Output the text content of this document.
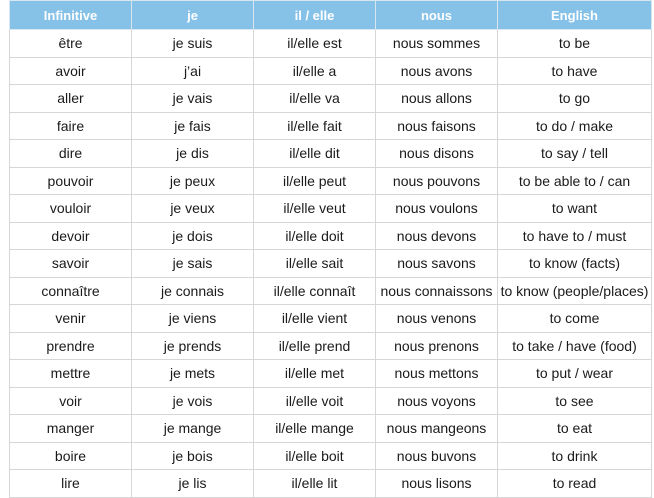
Infinitive	je	il / elle	nous	English
être	je suis	il/elle est	nous sommes	to be
avoir	j’ai	il/elle a	nous avons	to have
aller	je vais	il/elle va	nous allons	to go
faire	je fais	il/elle fait	nous faisons	to do / make
dire	je dis	il/elle dit	nous disons	to say / tell
pouvoir	je peux	il/elle peut	nous pouvons	to be able to / can
vouloir	je veux	il/elle veut	nous voulons	to want
devoir	je dois	il/elle doit	nous devons	to have to / must
savoir	je sais	il/elle sait	nous savons	to know (facts)
connaître	je connais	il/elle connaît	nous connaissons	to know (people/places)
venir	je viens	il/elle vient	nous venons	to come
prendre	je prends	il/elle prend	nous prenons	to take / have (food)
mettre	je mets	il/elle met	nous mettons	to put / wear
voir	je vois	il/elle voit	nous voyons	to see
manger	je mange	il/elle mange	nous mangeons	to eat
boire	je bois	il/elle boit	nous buvons	to drink
lire	je lis	il/elle lit	nous lisons	to read
